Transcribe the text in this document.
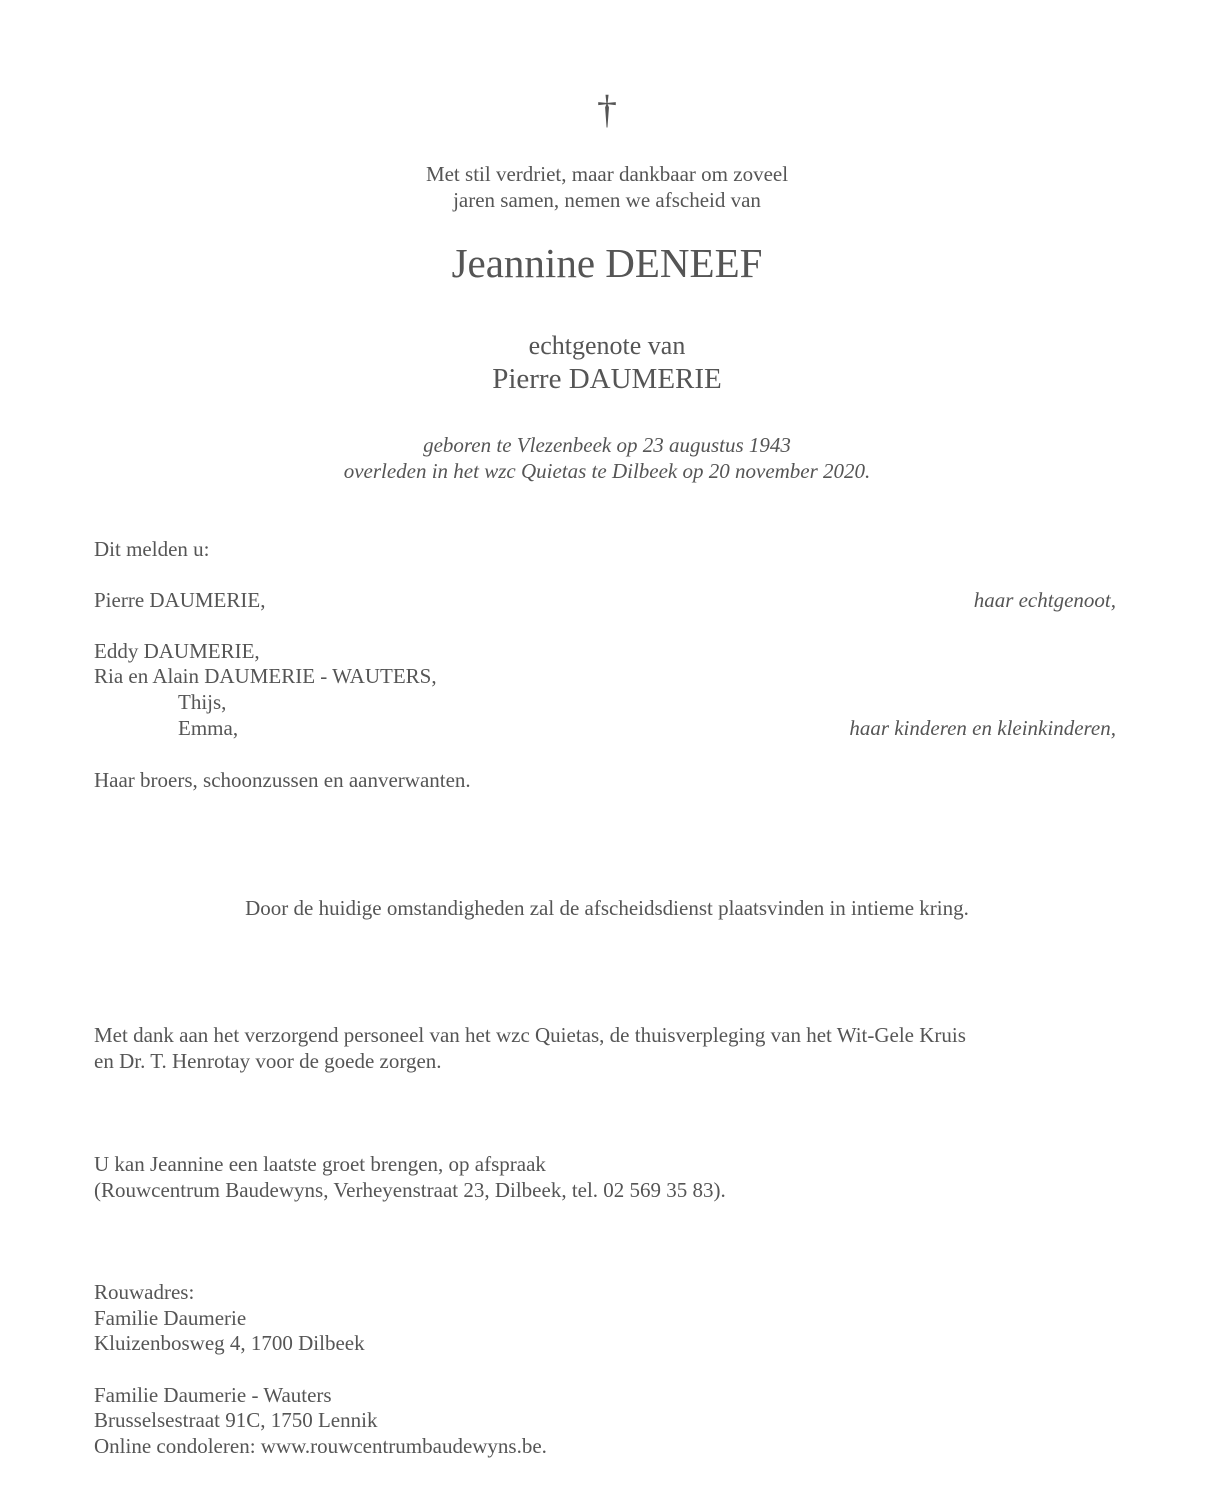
†
Met stil verdriet, maar dankbaar om zoveel
jaren samen, nemen we afscheid van
Jeannine DENEEF
echtgenote van
Pierre DAUMERIE
geboren te Vlezenbeek op 23 augustus 1943
overleden in het wzc Quietas te Dilbeek op 20 november 2020.
Dit melden u:
Pierre DAUMERIE,	haar echtgenoot,
Eddy DAUMERIE,
Ria en Alain DAUMERIE - WAUTERS,
Thijs,
Emma,	haar kinderen en kleinkinderen,
Haar broers, schoonzussen en aanverwanten.
Door de huidige omstandigheden zal de afscheidsdienst plaatsvinden in intieme kring.
Met dank aan het verzorgend personeel van het wzc Quietas, de thuisverpleging van het Wit-Gele Kruis
en Dr. T. Henrotay voor de goede zorgen.
U kan Jeannine een laatste groet brengen, op afspraak
(Rouwcentrum Baudewyns, Verheyenstraat 23, Dilbeek, tel. 02 569 35 83).
Rouwadres:
Familie Daumerie
Kluizenbosweg 4, 1700 Dilbeek
Familie Daumerie - Wauters
Brusselsestraat 91C, 1750 Lennik
Online condoleren: www.rouwcentrumbaudewyns.be.
